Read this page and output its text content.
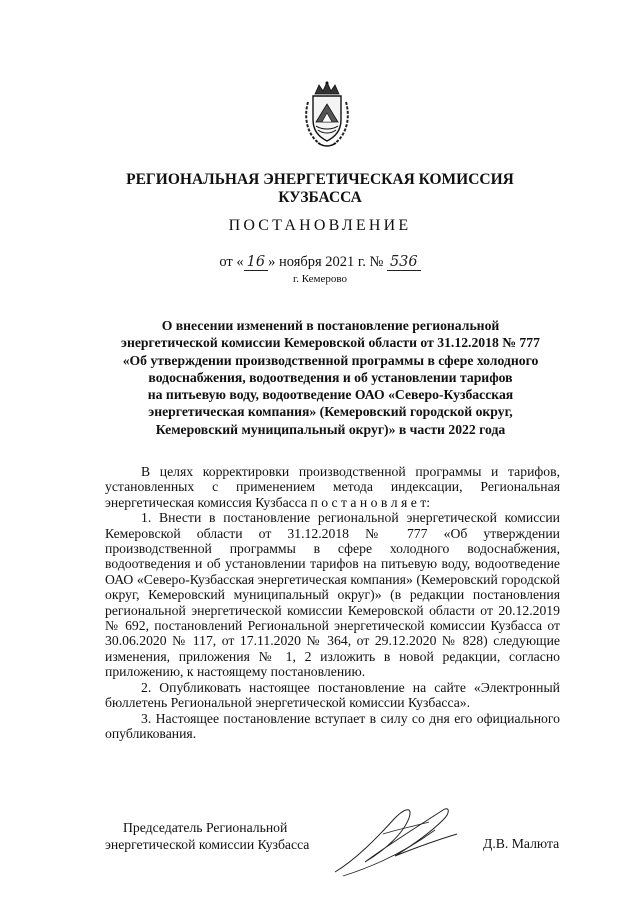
РЕГИОНАЛЬНАЯ ЭНЕРГЕТИЧЕСКАЯ КОМИССИЯ
КУЗБАССА
ПОСТАНОВЛЕНИЕ
от « 16 » ноября 2021 г. № 536
г. Кемерово
О внесении изменений в постановление региональной
энергетической комиссии Кемеровской области от 31.12.2018 № 777
«Об утверждении производственной программы в сфере холодного
водоснабжения, водоотведения и об установлении тарифов
на питьевую воду, водоотведение ОАО «Северо-Кузбасская
энергетическая компания» (Кемеровский городской округ,
Кемеровский муниципальный округ)» в части 2022 года

В целях корректировки производственной программы и тарифов, установленных с применением метода индексации, Региональная энергетическая комиссия Кузбасса п о с т а н о в л я е т:

1. Внести в постановление региональной энергетической комиссии Кемеровской области от 31.12.2018 № 777 «Об утверждении производственной программы в сфере холодного водоснабжения, водоотведения и об установлении тарифов на питьевую воду, водоотведение ОАО «Северо-Кузбасская энергетическая компания» (Кемеровский городской округ, Кемеровский муниципальный округ)» (в редакции постановления региональной энергетической комиссии Кемеровской области от 20.12.2019 № 692, постановлений Региональной энергетической комиссии Кузбасса от 30.06.2020 № 117, от 17.11.2020 № 364, от 29.12.2020 № 828) следующие изменения, приложения № 1, 2 изложить в новой редакции, согласно приложению, к настоящему постановлению.

2. Опубликовать настоящее постановление на сайте «Электронный бюллетень Региональной энергетической комиссии Кузбасса».

3. Настоящее постановление вступает в силу со дня его официального опубликования.

Председатель Региональной
энергетической комиссии Кузбасса	Д.В. Малюта
